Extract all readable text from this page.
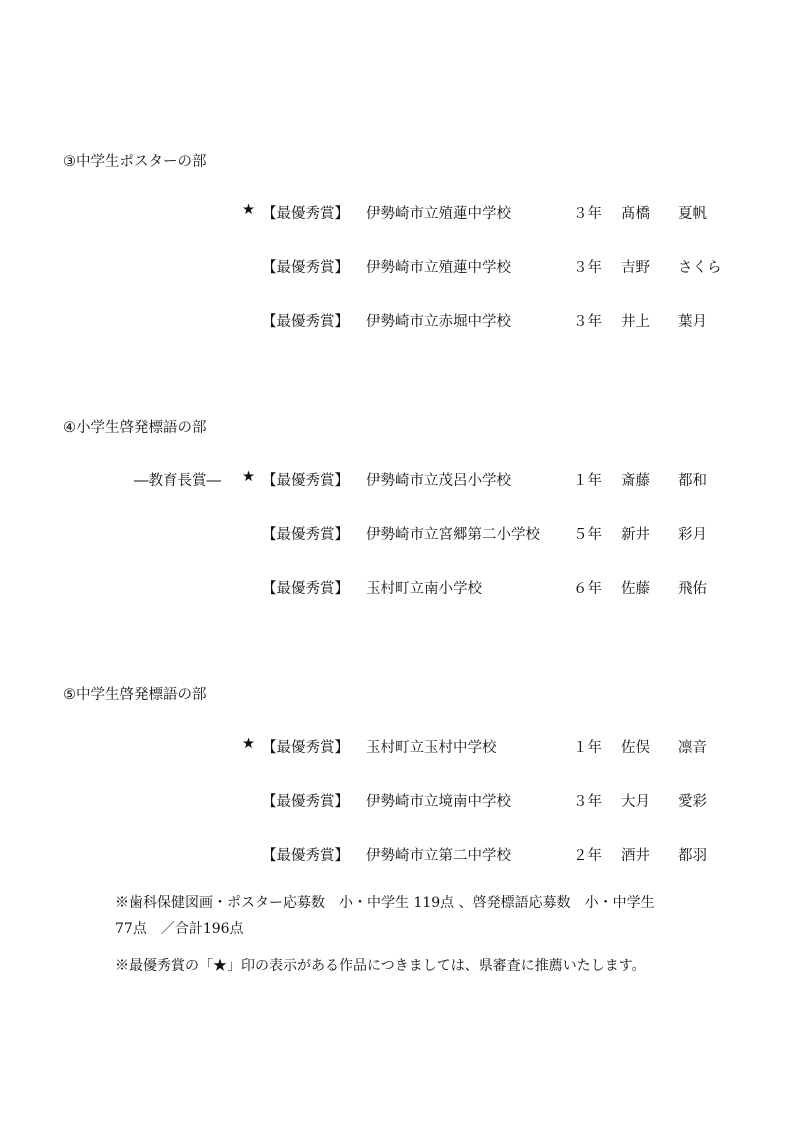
③中学生ポスターの部
★ 【最優秀賞】 伊勢崎市立殖蓮中学校	３年 髙橋 夏帆
【最優秀賞】 伊勢崎市立殖蓮中学校	３年 吉野 さくら
【最優秀賞】 伊勢崎市立赤堀中学校	３年 井上 葉月
④小学生啓発標語の部
―教育長賞― ★ 【最優秀賞】 伊勢崎市立茂呂小学校	１年 斎藤 都和
【最優秀賞】 伊勢崎市立宮郷第二小学校 ５年 新井 彩月
【最優秀賞】 玉村町立南小学校	６年 佐藤 飛佑
⑤中学生啓発標語の部
★ 【最優秀賞】 玉村町立玉村中学校	１年 佐俣 凛音
【最優秀賞】 伊勢崎市立境南中学校	３年 大月 愛彩
【最優秀賞】 伊勢崎市立第二中学校	２年 酒井 都羽
※歯科保健図画・ポスター応募数　小・中学生 119点 、啓発標語応募数　小・中学生
77点　／合計196点
※最優秀賞の「★」印の表示がある作品につきましては、県審査に推薦いたします。
